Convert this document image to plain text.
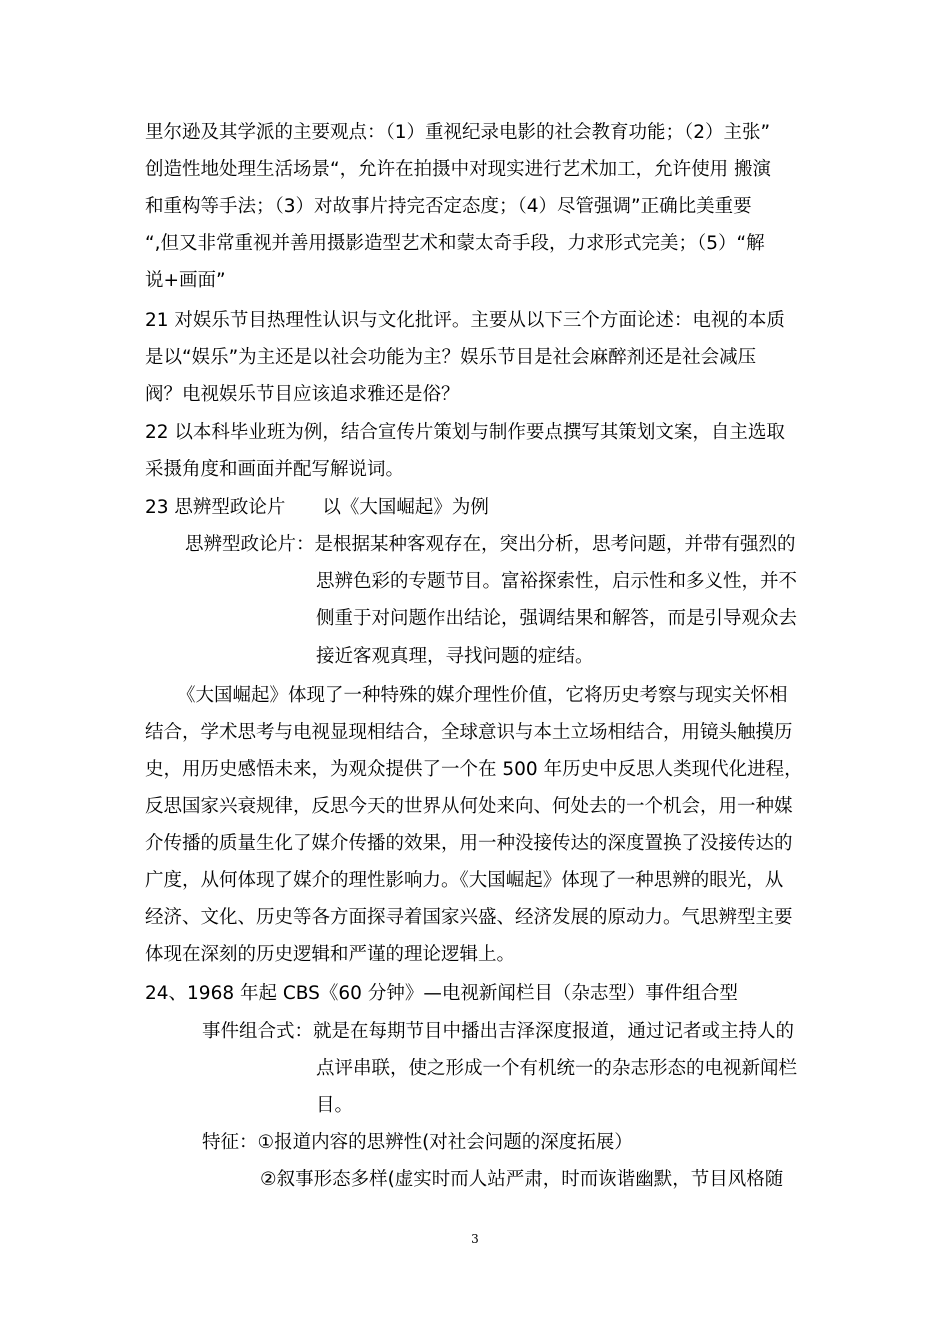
里尔逊及其学派的主要观点：（1）重视纪录电影的社会教育功能；（2）主张”
创造性地处理生活场景“，允许在拍摄中对现实进行艺术加工，允许使用 搬演
和重构等手法；（3）对故事片持完否定态度；（4）尽管强调”正确比美重要
“,但又非常重视并善用摄影造型艺术和蒙太奇手段，力求形式完美；（5）“解
说+画面”
21 对娱乐节目热理性认识与文化批评。主要从以下三个方面论述：电视的本质
是以“娱乐”为主还是以社会功能为主？娱乐节目是社会麻醉剂还是社会减压
阀？电视娱乐节目应该追求雅还是俗？
22 以本科毕业班为例，结合宣传片策划与制作要点撰写其策划文案，自主选取
采摄角度和画面并配写解说词。
23 思辨型政论片　　以《大国崛起》为例
思辨型政论片：是根据某种客观存在，突出分析，思考问题，并带有强烈的
思辨色彩的专题节目。富裕探索性，启示性和多义性，并不
侧重于对问题作出结论，强调结果和解答，而是引导观众去
接近客观真理，寻找问题的症结。
《大国崛起》体现了一种特殊的媒介理性价值，它将历史考察与现实关怀相
结合，学术思考与电视显现相结合，全球意识与本土立场相结合，用镜头触摸历
史，用历史感悟未来，为观众提供了一个在 500 年历史中反思人类现代化进程，
反思国家兴衰规律，反思今天的世界从何处来向、何处去的一个机会，用一种媒
介传播的质量生化了媒介传播的效果，用一种没接传达的深度置换了没接传达的
广度，从何体现了媒介的理性影响力。《大国崛起》体现了一种思辨的眼光，从
经济、文化、历史等各方面探寻着国家兴盛、经济发展的原动力。气思辨型主要
体现在深刻的历史逻辑和严谨的理论逻辑上。
24、1968 年起 CBS《60 分钟》—电视新闻栏目（杂志型）事件组合型
事件组合式：就是在每期节目中播出吉泽深度报道，通过记者或主持人的
点评串联，使之形成一个有机统一的杂志形态的电视新闻栏
目。
特征：①报道内容的思辨性(对社会问题的深度拓展）
②叙事形态多样(虚实时而人站严肃，时而诙谐幽默，节目风格随
3
